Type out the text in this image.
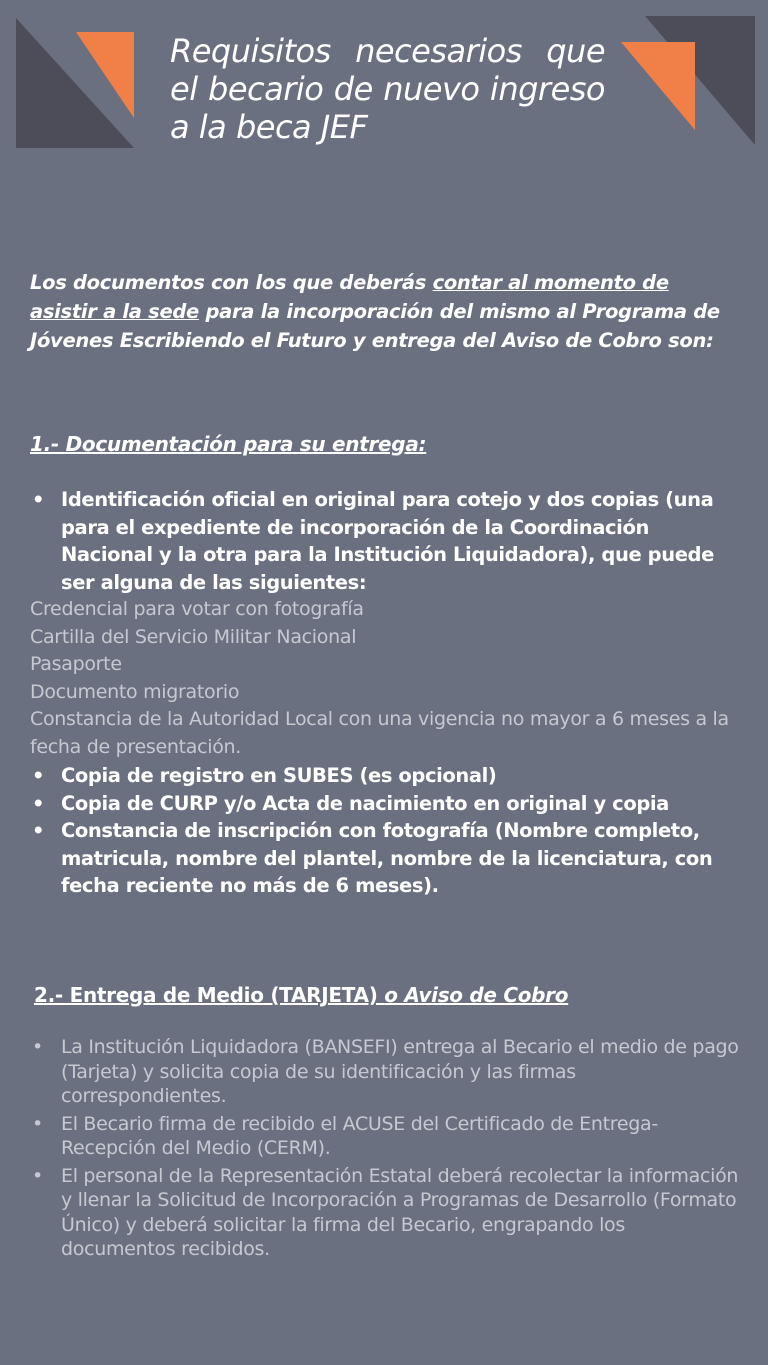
Requisitos necesarios que el becario de nuevo ingreso a la beca JEF

Los documentos con los que deberás contar al momento de asistir a la sede para la incorporación del mismo al Programa de Jóvenes Escribiendo el Futuro y entrega del Aviso de Cobro son:

1.- Documentación para su entrega:
• Identificación oficial en original para cotejo y dos copias (una para el expediente de incorporación de la Coordinación Nacional y la otra para la Institución Liquidadora), que puede ser alguna de las siguientes:
Credencial para votar con fotografía
Cartilla del Servicio Militar Nacional
Pasaporte
Documento migratorio
Constancia de la Autoridad Local con una vigencia no mayor a 6 meses a la fecha de presentación.
• Copia de registro en SUBES (es opcional)
• Copia de CURP y/o Acta de nacimiento en original y copia
• Constancia de inscripción con fotografía (Nombre completo, matricula, nombre del plantel, nombre de la licenciatura, con fecha reciente no más de 6 meses).
2.- Entrega de Medio (TARJETA) o Aviso de Cobro
• La Institución Liquidadora (BANSEFI) entrega al Becario el medio de pago (Tarjeta) y solicita copia de su identificación y las firmas correspondientes.
• El Becario firma de recibido el ACUSE del Certificado de Entrega-Recepción del Medio (CERM).
• El personal de la Representación Estatal deberá recolectar la información y llenar la Solicitud de Incorporación a Programas de Desarrollo (Formato Único) y deberá solicitar la firma del Becario, engrapando los documentos recibidos.
